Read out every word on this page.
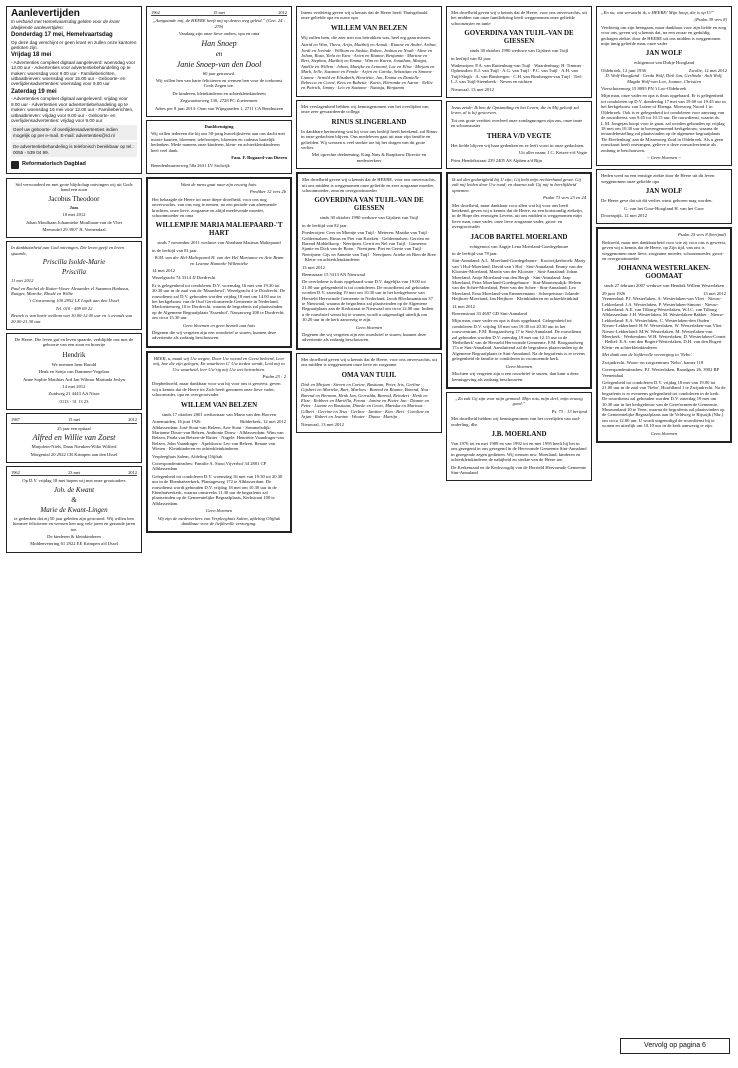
Aanlevertijden

In verband met Hemelvaartsdag gelden voor de krant afwijkende aanlevertijden:

Donderdag 17 mei, Hemelvaartsdag

Op deze dag verschijnt er geen krant en zullen onze kantoren gesloten zijn.

Vrijdag 18 mei

- Advertenties compleet digitaal aangeleverd: woensdag voor 12.00 uur - Advertenties voor advertentiebehandeling op te maken: woensdag voor 9.00 uur - Familieberichten, uitbaatbrieven: woensdag voor 15.00 uur - Geboorte- en overlijdensadvertenties: woensdag voor 9.00 uur

Zaterdag 19 mei

- Advertenties compleet digitaal aangeleverd: vrijdag voor 9.00 uur - Advertenties voor advertentiebehandeling op te maken: woensdag 16 mei voor 12.00 uur - Familieberichten, uitbaatbrieven: vrijdag voor 9.00 uur - Geboorte- en overlijdensadvertenties: vrijdag voor 9.00 uur

Geef uw geboorte- of overlijdensadvertenties indien mogelijk op per e-mail. E-mail: advertenties@rd.nl

De advertentiebehandeling is telefonisch bereikbaar op tel.: 0055 - 539 04 99.

Reformatorisch Dagblad

Stil verwonderd en met grote blijdschap ontvingen wij uit Gods hand een zoon

Jacobus Theodoor

Joas

10 mei 2012

Johan Moulhaan Johannieke Moulhaan-van de Vliet

Meeuwdel 29 3907 JL Veenendaal

In dankbaarheid aan God ontvingen, Die leven geeft en leven spaarde,

Priscilla Isolde-Marie
Priscilla

11 mei 2012

Paul en Rachel de Ruiter-Visser Alexander el Suzanna Hadassa, Ruttger, Mareike, Rhodé en Willie

't Graswoning 100 2952 LX Lopik aan den IJssel

Tel. 010 - 499 69 22

Bezoek is van harte welkom van 10.00-12.00 uur en 's avonds van 20.00-21.30 uur

De Heere, Die leven gaf en leven spaarde, verblijdde ons met de geboorte van een zoon en broertje

Hendrik

We noemen hem Harold

Henk en Sonja van Dammen-Vogelaar

Anne Sophie Matthias Ard Jan Wilmar Martinda Jeslyn

14 mei 2012

Zuidweg 21 4443 AA Nisse

0113 - 31 13 23

1987	15 mei	2012

25 jaar een epitaaf

Alfred en Willie van Zoest

Marjolein-Niels, Daan Nienken-Wiko Wilfred

Morgental 20 2922 CR Krimpen aan den IJssel

1962	23 mei	2012

Op D.V. vrijdag 18 mei hopen wij met onze grootouders

Joh. de Kwant
&
Marie de Kwant-Lingen

te gedenken dat zij 50 jaar geleden zijn getrouwd. Wij willen hen hiermee feliciteren en wensen hen nog vele jaren en gezonde jaren toe.

De kinderen & kleinkinderen

Middenvetering 61 2922 EE Krimpen a/d IJssel

1962	15 mei	2012

„Aangaande mij, de HEERE heeft mij op denen weg geleid.” (Gen. 24 : 27b)

Vandaag zijn onze lieve ouders, opa en oma

Han Snoep
en
Janie Snoep-van den Dool

60 jaar getrouwd.

Wij willen hen van harte feliciteren en wensen hen voor de toekomst Gods Zegen toe.

De kinderen, kleinkinderen en achterkleinkinderen

Zegwaartseweg 130, 2728 PC Zoetermeer

Adres per 8 juni 2013: Oom van Wijngaarden 1, 2711 CA Benthuizen

Dankbetuiging

Wij willen iedereen die bij ons 50-jarig huwelijksfeest aan ons dacht met mooie kaarten, bloemen, telefoontjes, bloemen en cadeaus hartelijk bedanken. Mede namens onze kinderen, klein- en achterkleinkinderen heel veel dank.

Fam. F. Bogaard-van Dieren

Benedenbuurtseweg 58a 2631 LV Stolwijk

Want de mens gaat naar zijn eeuwig huis.

Prediker 12 vers 2b

Het behaagde de Heere tot onze diepe droefheid, voor ons nog onverwachts, van ons weg te nemen, na een periode van afnemende krachten, onze lieve, zorgzame en altijd meelevende moeder, schoonmoeder en oma

WILLEMPJE MARIA MALIEPAARD-'T HART

sinds 7 november 2011 weduwe van Abraham Marinus Maliepaard

in de leeftijd van 81 jaar.

W.M. van der Hel-Maliepaard H. van der Hel Marianne en Arie Bram en Leanne Hanneke Willemieke

14 mei 2012

Wezelgracht 74 3314 JJ Dordrecht

Er is gelegenheid tot condoleren D.V. woensdag 16 mei van 19.30 tot 20.30 uur in de zaal van de 'Maarsbewl', Wezelgracht 4 te Dordrecht. De rouwdienst zal D.V. gehouden worden vrijdag 18 mei om 14.00 uur in het kerkgebouw van de Oud Gereformeerde Gemeente in Nederland, Mackiettenweg 10 te Dordrecht, waarna de begrafenis zal plaatsvinden op de Algemene Begraafplaats 'Essenhof', Nassauweg 200 te Dordrecht, om circa 15.30 uur.

Geen bloemen en geen bezoek aan huis

Degenen die wij vergeten zijn een rouwbrief te sturen, kunnen deze advertentie als zodanig beschouwen.

HEER, u, maak wij Uw wegen, Door Uw woord en Geest beleerd, Leer mij, hoe die zijn gelegen, En waarheen G' Uw treden wendt, Leid mij in Uw waarheid, leer Uw'rig mij Uw wet betrachten.

Psalm 25 : 2

Diepbedroefd, maar dankbaar voor wat hij voor ons is geweest, geven wij u kennis dat de Heere tot Zich heeft genomen onze lieve vader, schoonvader, opa en overgrootvader

WILLEM VAN BELZEN

sinds 17 oktober 2001 weduwnaar van Marta van den Hooven

Arnemuiden, 16 juni 1926	Ridderkerk, 12 mei 2012

Alblasserdam: José Stout-van Belzen, Arie Stout · Sommelsdijk: Marianne Douw-van Belzen, Anthonie Douw · Alblasserdam: Wim van Belzen, Paula van Belzen-de Ruiter · Nagele: Henriëtte Vaandrager-van Belzen, John Vaandrager · Apeldoorn: Leo van Belzen, Renate van Wieten · Kleinkinderen en achterkleinkinderen

Verpleeghuis Salem, Afdeling Olijftak

Correspondentieadres: Familie A. Stout Vijverhof 34 2801 CP Alblasserdam

Gelegenheid tot condoleren D.V. woensdag 16 mei van 19.30 tot 20.30 uur in de Ebenhaëzerkerk, Plantageweg 172 te Alblasserdam. De rouwdienst wordt gehouden D.V. vrijdag 18 mei om 10.30 uur in de Ebenhaëzerkerk, waarna omstreeks 11.30 uur de begrafenis zal plaatsvinden op de Gemeentelijke Begraafplaats, Kerkstraat 100 te Alblasserdam.

Geen bloemen

Wij zijn de medewerkers van Verpleeghuis Salem, afdeling Olijftak dankbaar voor de liefdevolle verzorging.

Intens verdrietig geven wij u kennis dat de Heere heeft Thuisgehaald onze geliefde opa en ouwe opa

WILLEM VAN BELZEN

Wij zullen hem, die zeer met ons betrokken was, heel erg gaan missen.

Astrid en Wim, Thera, Arija, Matthiij en Anouk · Rianne en André, Arthur, Jordi en Jorinde · William en Saskia, Ruben, Joshua en Noah · Aline en Johan, Roza, Yiela en Ezra · Arien en Rianne, Benjamin · Martine en Bert, Stephan, Matthiij en Emma · Wim en Karen, Jonathan, Margot, Amélie en Willem · Johan, Marijke en Lennard, Luc en Elise · Mirjam en Mark, Jelle, Suzanne en Femke · Arjen en Carola, Sebastian en Simone · Lianne · Arnold en Elisabeth, Henriëtte, Jan, Emma en Danielle · Rebecca en Corné, Kees en Babette · Karin, Hiëronda en Aaron · Nellie en Patrick, Jimmy · Leo en Suzanne · Natasja, Benjamin

Met verslagenheid hebben wij kennisgenomen van het overlijden van onze zeer gewaardeerde collega

RINUS SLINGERLAND

In dankbare herinnering wat hij voor ons bedrijf heeft betekend, zal Rinus in onze gedachten blijven. Ons medeleven gaat uit naar zijn familie en geliefden. Wij wensen u veel sterkte toe bij het dragen van dit grote verlies.

Met oprechte deelneming, King Nuts & Raapkorst Directie en medewerkers

Met droefheid geven wij u kennis dat de HEERE, voor ons onverwachts, uit ons midden is weggenomen onze geliefde en zeer zorgzame moeder, schoonmoeder, oma en overgrootmoeder

GOVERDINA VAN TUIJL-VAN DE GIESSEN

sinds 30 oktober 1990 weduwe van Gijsbert van Tuijl

in de leeftijd van 82 jaar.

Poederoijen: Cees en Mientje van Tuijl · Meteren: Maaike van Tuijl · Geldermalsen: Rinus en Piet van Krieken · Geldermalsen: Gerrien en Barend Middelkoop · Neerijnen: Gerrit en Nel van Tuijl · Gameren: Sjanie en Dick van de Boon · Neerijnen: Piet en Gerrie van Tuijl · Neerijnen: Gijs en Annette van Tuijl · Neerijnen: Arieke en Bien de Bree · Klein- en achterkleinkinderen

13 mei 2012

Beemstraat 15 5313 AN Nieuwaal

De overledene is thuis opgebaard waar D.V. dagelijks van 19.00 tot 21.00 uur gelegenheid is tot condoleren. De rouwdienst zal gehouden worden D.V. zaterdag 19 mei om 10.30 uur in het kerkgebouw van Hersteld Hervormde Gemeente in Nederland, Jacob Blockmanstraat 37 te Nieuwaal, waarna de begrafenis zal plaatsvinden op de Algemene Begraafplaats aan de Kerkstraat te Nieuwaal om circa 12.00 uur. Indien u de rouwbrief wenst bij te wonen, wordt u uitgenodigd uiterlijk om 10.20 uur in de kerk aanwezig te zijn.

Geen bloemen

Degenen die wij vergeten zijn een rouwbrief te sturen, kunnen deze advertentie als zodanig beschouwen.

Met droefheid geven wij u kennis dat de Heere, voor ons onverwachts, uit ons midden is weggenomen onze lieve en zorgzame

OMA VAN TUIJL

Dirk en Mirjam · Steven en Corine, Bastiaan, Peter, Iris, Gerline · Gijsbert en Marieke, Bart, Marloes · Barend en Rianne, Barend, Noa · Barend en Herman, Henk Jan, Gerralda, Barend, Reindert · Henk en Elize · Robbert en Mariëlla, Fenna · Janine en Pieter Jan · Dianne en Peter · Lianne en Bastiaan, Dineke en Geurt, Mariska en Marinus · Gilbert · Gerrine en Teus · Gerline · Jantine · Kim · Bert · Caroline en Arjan · Robert en Jeanine · Wouter · Diana · Martijn

Nieuwaal, 13 mei 2012

Met droefheid geven wij u kennis dat de Heere, voor ons onverwachts, uit het midden van onze familiekring heeft weggenomen onze geliefde schoonzuster en tante

GOVERDINA VAN TUIJL-VAN DE GIESSEN

sinds 30 oktober 1990 weduwe van Gijsbert van Tuijl

in leeftijd van 82 jaar.

Wadenoijen: P.A. van Ruitenburg-van Tuijl · Waardenburg: H. Timmer · Opheusden: E.J. van Tuijl · A.G. van Tuijl · P.C. van Tuijl · A.H. van Tuijl-Slegh · A. van Binsbergen · C.H. van Binsbergen-van Tuijl · Tiel: L.J. van Tuijl-Steenbeek · Neven en nichten

Nieuwaal, 13 mei 2012

Jezus zeide: Ik ben de Opstanding en het Leven; die in Mij gelooft zal leven, al is hij gestorven.

Tot ons grote verdriet overleed onze zondagmorgen zijn zus, onze tante en schoonzuster

THERA V/D VEGTE

Het liefde blijven wij haar gedenken en ze leeft voort in onze gedachten.

Uit aller naam: J.C. Keizer-v/d Vegte

Prins Hendrikstraat 239 2405 AS Alphen a/d Rijn

Ik zal den gedurigheid bij U zijn; Gij hebt mijn rechterhand gevat. Gij zult mij leiden door Uw raad; en daarna zult Gij mij in heerlijkheid opnemen.

Psalm 73 vers 23 en 24

Met droefheid, maar dankbaar voor allen wat hij voor ons heeft betekend, geven wij u kennis dat de Heere, na een kortstondig ziekzijn, in de Hope des eeuwigen Levens, uit ons midden is weggenomen mijn lieve man, onze vader, onze lieve zorgzame vader, groot- en overgrootvader

JACOB BARTEL MOERLAND

echtgenoot van Aagtje Lena Moerland-Goedegebuure

in de leeftijd van 78 jaar.

Sint-Annaland: A.L. Moerland-Goedegebuure · Kootwijkerbroek: Marty van 't Hof-Moerland, David van 't Hof · Sint-Annaland: Emmy van der Klooster-Moerland, Martin van der Klooster · Sint-Annaland: Johan Moerland, Antje Moerland-van den Bergh · Sint-Annaland: Jaap Moerland, Petra Moerland-Goedegebuure · Sint-Maartensdijk: Heleen van der Schee-Moerland, Peter van der Schee · Sint-Annaland: Leo Moerland, Erna Moerland-van Emmerenaam · Scherpenisse: Jolande Heijboer-Moerland, Jan Heijboer · Kleinkinderen en achterkleinkind

14 mei 2012

Boerenstraat 33 4697 GD Sint-Annaland

Mijn man, onze vader en opa is thuis opgebaard. Gelegenheid tot condoleren D.V. vrijdag 18 mei van 19.30 tot 20.30 uur in het rouwcentrum, F.M. Boogaardweg 17 te Sint-Annaland. De rouwdienst zal gehouden worden D.V. zaterdag 19 mei om 12.15 uur in de 'Bethelkerk' van de Hersteld Hervormde Gemeente, F.M. Boogaardweg 17a te Sint-Annaland. Aansluitend zal de begrafenis plaatsvinden op de Algemene Begraafplaats te Sint-Annaland. Na de begrafenis is er tevens gelegenheid de familie te condoleren in voornoemde kerk.

Geen bloemen

Mochten wij vergeten zijn u een rouwbrief te sturen, dan kunt u deze kennisgeving als zodanig beschouwen.

„Zo zult Gij zijn voor mijn gemoed. Mijn rots, mijn deel, mijn eeuwig goed.”

Ps. 73 : 13 berijmd

Met droefheid hebben wij kennisgenomen van het overlijden van oud-ouderling, dhr.

J.B. MOERLAND

Van 1976 tot en met 1989 en van 1992 tot en met 1995 heeft hij het in ons gezegend in ons gezegend in de Hervormde Gemeente Sint-Annaland in gezegende zegen gedienen. Wij wensen mw. Moerland, kinderen en achterkleinkinderen de nabijheid en sterkte van de Heere toe.

De Kerkenraad en de Kerkvoogdij van de Hersteld Hervormde Gemeente Sint-Annaland

„En nu, wat verwacht ik, o HEERE! Mijn hoop, die is op U!”

(Psalm 39 vers 8)

Verdrietig om zijn heengaan, maar dankbaar voor zijn liefde en zorg voor ons, geven wij u kennis dat, na een zwaar en geduldig gedragen ziekte, door de HEERE uit ons midden is weggenomen mijn innig geliefde man, onze vader

JAN WOLF

echtgenoot van Dirkje Hoogland

Oldebroek, 12 juni 1936	Zwolle, 12 mei 2012

D. Wolf-Hoogland · Gerda Wolf, Dirk Jan, Gerlinda · Aalt Wolf, Magda Wolf-van Loo, Joanne, Christien

Vierschotenweg 15 8095 PN 't Loo-Oldebroek

Mijn man, onze vader en opa is thuis opgebaard. Er is gelegenheid tot condoleren op D.V. donderdag 17 mei van 19.00 tot 19.45 uur in het kerkgebouw van Lutere of Ebenga. Moesweg Noord 1 in Oldebroek. Ook is er gelegenheid tot condoleren voor aanvang van de rouwdienst, van 9.45 tot 10.15 uur. De rouwdienst, waarin ds. L.M. Jongejan hoopt voor te gaan, zal worden gehouden op vrijdag 18 mei om 10.30 uur in bovengenoemd kerkgebouw, waarna de teraardebestelling zal plaatsvinden op de algemene begraafplaats 'De Eleelenburg' aan de Missenweg Zuid in Oldebroek. Als u geen rouwkaart heeft ontvangen, gelieve u deze rouwadvertentie als zodanig te beschouwen.

~ Geen bloemen ~

Heden werd na een ernstige ziekte door de Heere uit dit leven weggenomen onze geliefde opa

JAN WOLF

De Heere geve dat uit dit verlies winst geboren mag worden.

G. van het Goor-Hoogland H. van het Goor

Doornspijk, 12 mei 2012

Psalm 25 vers 8 (berijmd)

Bedroefd, maar met dankbaarheid voor wie zij voor ons is geweest, geven wij u kennis dat de Heere, op Zijn tijd, van ons is weggenomen onze lieve, zorgzame moeder, schoonmoeder, groot- en overgrootmoeder

JOHANNA WESTERLAKEN-GOOMAAT

sinds 27 februari 2007 weduwe van Hendrik Willem Westerlaken

29 juni 1926	13 mei 2012

Veenendaal: P.J. Westerlaken, A. Westerlaken-van Vliet · Nieuw-Lekkerland: J.A. Westerlaken, P. Westerlaken-Simons · Nieuw-Lekkerland: A.E. van Tilburg-Westerlaken, W.J.C. van Tilburg · Alblasserdam: J.H. Westerlaken, M. Westerlaken-Bakker · Nieuw-Lekkerland: E.A. Westerlaken, C. Westerlaken-den Ouden · Nieuw-Lekkerland: H.W. Westerlaken, W. Westerlaken-van Vliet · Nieuw-Lekkerland: M.W. Westerlaken, M. Westerlaken-van Meerkerk · Werkendam: W.H. Westerlaken, D. Westerlaken-Cornet · Heikel: E.A. van den Bogert-Westerlaken, D.H. van den Bogert · Klein- en achterkleinkinderen

Met dank aan de liefdevolle verzorging in 'Nebo'.

Zwijndrecht, Woon- en zorgcentrum 'Nebo', kamer 118

Correspondentieadres: P.J. Westerlaken, Baardgras 26, 3902 BP Veenendaal

Gelegenheid tot condoleren D.V. vrijdag 18 mei van 19.00 tot 21.00 uur in de zaal van 'Nebo', Hoofdland 1 te Zwijndrecht. Na de begrafenis is er eveneens gelegenheid tot condoleren in de kerk. De rouwdienst zal gehouden worden D.V. zaterdag 19 mei om 10.30 uur in het kerkgebouw van de Gereformeerde Gemeente, Museumland 10 te Veen, waarna de begrafenis zal plaatsvinden op de Gemeentelijke Begraafplaats aan de Veldweg te Rijsoijk (Nbr.) om circa 12.00 uur. U wordt uitgenodigd de rouwdienst bij te wonen en uiterlijk om 10.10 uur in de kerk aanwezig te zijn.

Geen bloemen

Vervolg op pagina 6
